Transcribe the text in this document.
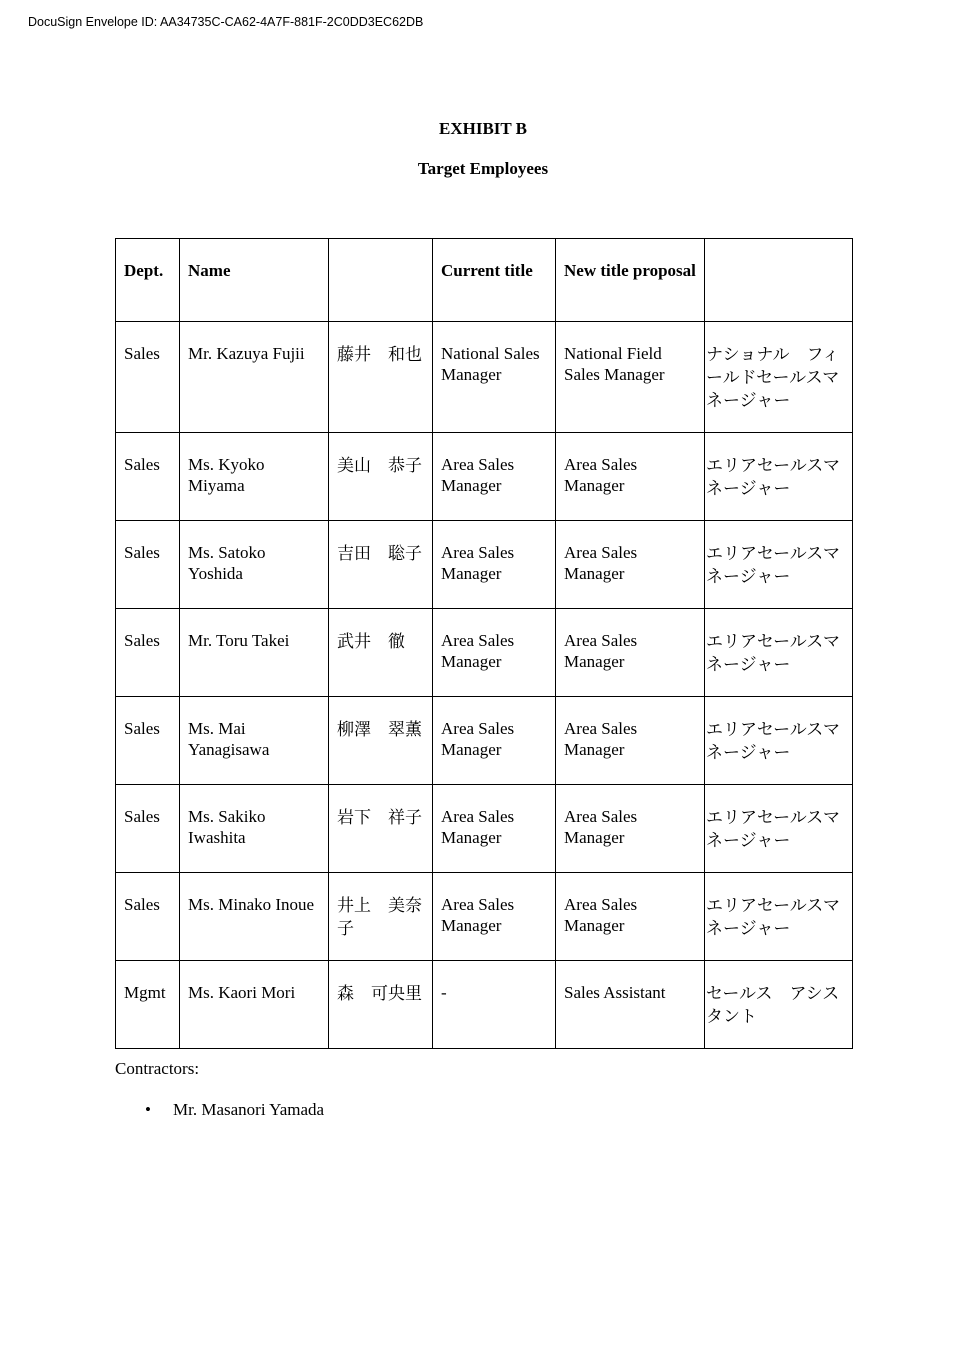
DocuSign Envelope ID: AA34735C-CA62-4A7F-881F-2C0DD3EC62DB
EXHIBIT B
Target Employees
Dept.	Name		Current title	New title proposal	
Sales	Mr. Kazuya Fujii	藤井　和也	National Sales Manager	National Field Sales Manager	ナショナル　フィールドセールスマネージャー
Sales	Ms. Kyoko Miyama	美山　恭子	Area Sales Manager	Area Sales Manager	エリアセールスマネージャー
Sales	Ms. Satoko Yoshida	吉田　聡子	Area Sales Manager	Area Sales Manager	エリアセールスマネージャー
Sales	Mr. Toru Takei	武井　徹	Area Sales Manager	Area Sales Manager	エリアセールスマネージャー
Sales	Ms. Mai Yanagisawa	柳澤　翠薫	Area Sales Manager	Area Sales Manager	エリアセールスマネージャー
Sales	Ms. Sakiko Iwashita	岩下　祥子	Area Sales Manager	Area Sales Manager	エリアセールスマネージャー
Sales	Ms. Minako Inoue	井上　美奈子	Area Sales Manager	Area Sales Manager	エリアセールスマネージャー
Mgmt	Ms. Kaori Mori	森　可央里	-	Sales Assistant	セールス　アシスタント
Contractors:
• Mr. Masanori Yamada
